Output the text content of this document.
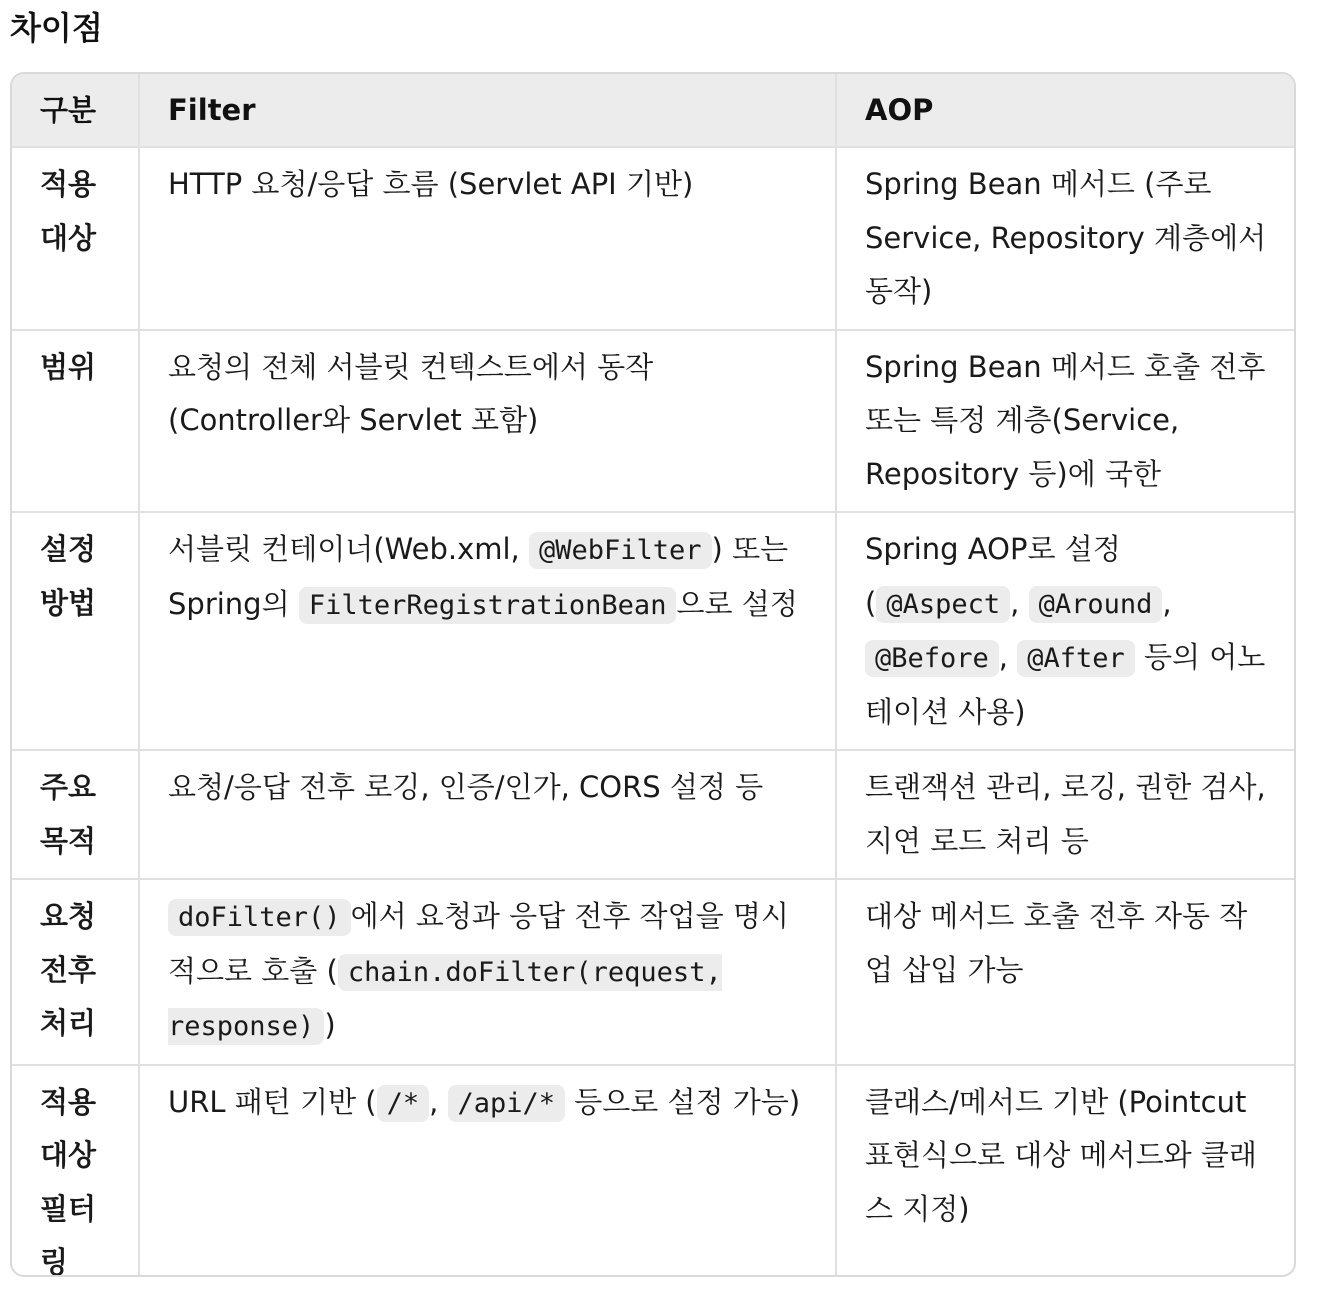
차이점
구분	Filter	AOP

적용대상	HTTP 요청/응답 흐름 (Servlet API 기반)	Spring Bean 메서드 (주로 Service, Repository 계층에서 동작)

범위	요청의 전체 서블릿 컨텍스트에서 동작 (Controller와 Servlet 포함)	Spring Bean 메서드 호출 전후 또는 특정 계층(Service, Repository 등)에 국한

설정방법	서블릿 컨테이너(Web.xml, @WebFilter ) 또는 Spring의 FilterRegistrationBean 으로 설정	Spring AOP로 설정 ( @Aspect , @Around , @Before , @After 등의 어노테이션 사용)

주요목적	요청/응답 전후 로깅, 인증/인가, CORS 설정 등	트랜잭션 관리, 로깅, 권한 검사, 지연 로드 처리 등

요청전후처리	doFilter() 에서 요청과 응답 전후 작업을 명시적으로 호출 ( chain.doFilter(request, response) )	대상 메서드 호출 전후 자동 작업 삽입 가능

적용대상필터링	URL 패턴 기반 ( /* , /api/* 등으로 설정 가능)	클래스/메서드 기반 (Pointcut 표현식으로 대상 메서드와 클래스 지정)
